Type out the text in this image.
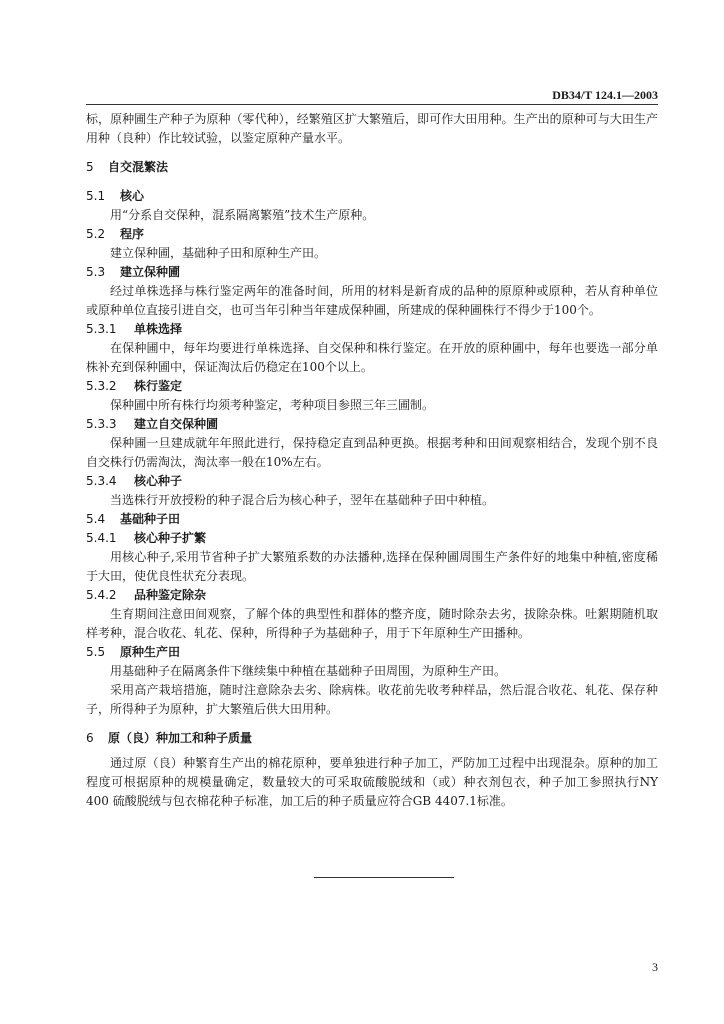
DB34/T 124.1—2003

标，原种圃生产种子为原种（零代种），经繁殖区扩大繁殖后，即可作大田用种。生产出的原种可与大田生产用种（良种）作比较试验，以鉴定原种产量水平。

5 自交混繁法

5.1 核心

用“分系自交保种，混系隔离繁殖”技术生产原种。

5.2 程序

建立保种圃，基础种子田和原种生产田。

5.3 建立保种圃

经过单株选择与株行鉴定两年的准备时间，所用的材料是新育成的品种的原原种或原种，若从育种单位或原种单位直接引进自交，也可当年引种当年建成保种圃，所建成的保种圃株行不得少于100个。

5.3.1 单株选择

在保种圃中，每年均要进行单株选择、自交保种和株行鉴定。在开放的原种圃中，每年也要选一部分单株补充到保种圃中，保证淘汰后仍稳定在100个以上。

5.3.2 株行鉴定

保种圃中所有株行均须考种鉴定，考种项目参照三年三圃制。

5.3.3 建立自交保种圃

保种圃一旦建成就年年照此进行，保持稳定直到品种更换。根据考种和田间观察相结合，发现个别不良自交株行仍需淘汰，淘汰率一般在10%左右。

5.3.4 核心种子

当选株行开放授粉的种子混合后为核心种子，翌年在基础种子田中种植。

5.4 基础种子田

5.4.1 核心种子扩繁

用核心种子,采用节省种子扩大繁殖系数的办法播种,选择在保种圃周围生产条件好的地集中种植,密度稀于大田，使优良性状充分表现。

5.4.2 品种鉴定除杂

生育期间注意田间观察，了解个体的典型性和群体的整齐度，随时除杂去劣，拔除杂株。吐絮期随机取样考种，混合收花、轧花、保种，所得种子为基础种子，用于下年原种生产田播种。

5.5 原种生产田

用基础种子在隔离条件下继续集中种植在基础种子田周围，为原种生产田。

采用高产栽培措施，随时注意除杂去劣、除病株。收花前先收考种样品，然后混合收花、轧花、保存种子，所得种子为原种，扩大繁殖后供大田用种。

6 原（良）种加工和种子质量

通过原（良）种繁育生产出的棉花原种，要单独进行种子加工，严防加工过程中出现混杂。原种的加工程度可根据原种的规模量确定，数量较大的可采取硫酸脱绒和（或）种衣剂包衣，种子加工参照执行NY 400 硫酸脱绒与包衣棉花种子标准，加工后的种子质量应符合GB 4407.1标准。

3
